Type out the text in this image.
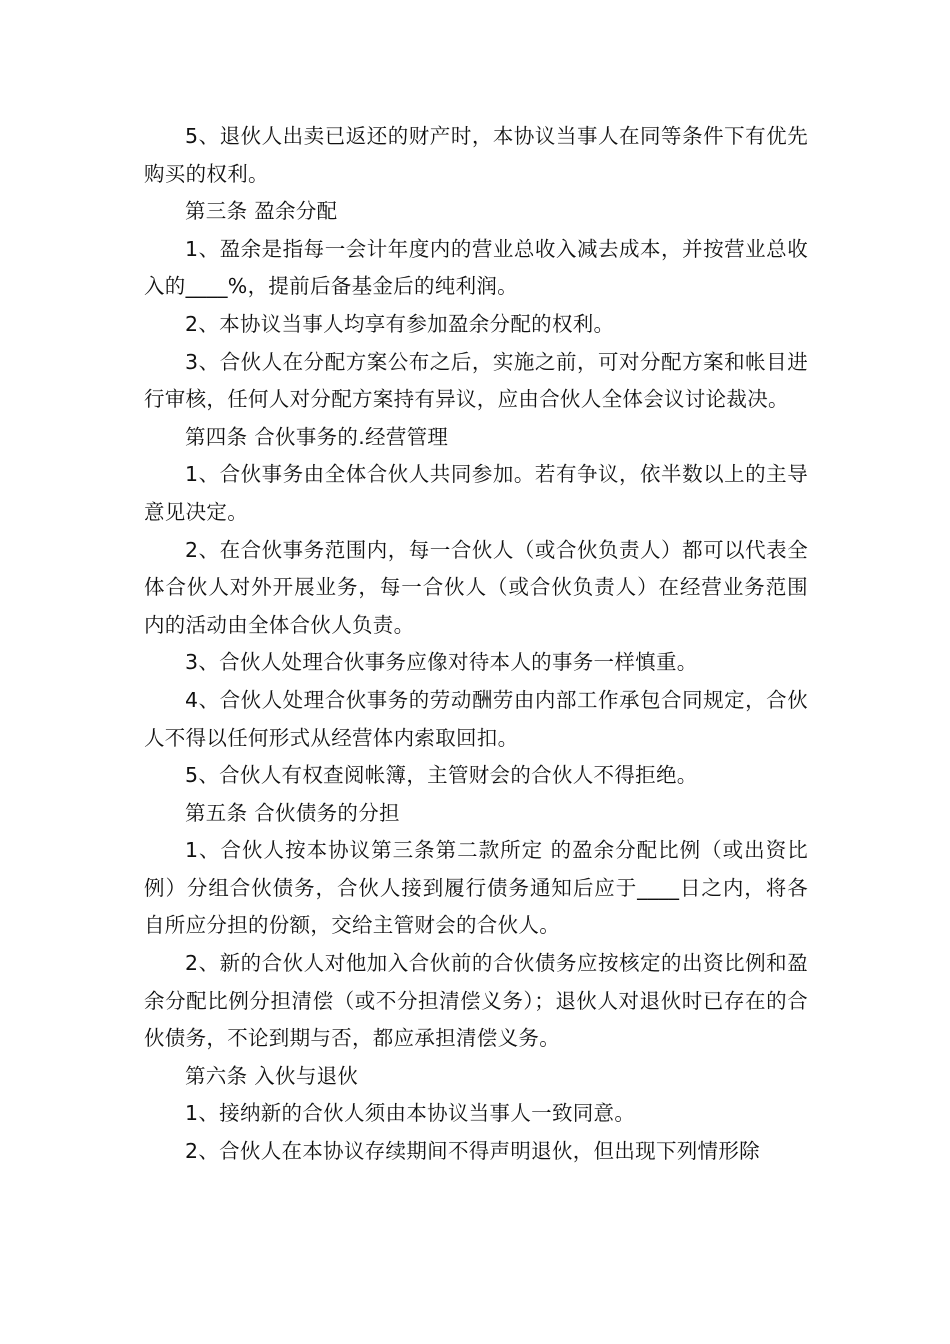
5、退伙人出卖已返还的财产时，本协议当事人在同等条件下有优先购买的权利。

第三条 盈余分配

1、盈余是指每一会计年度内的营业总收入减去成本，并按营业总收入的____%，提前后备基金后的纯利润。

2、本协议当事人均享有参加盈余分配的权利。

3、合伙人在分配方案公布之后，实施之前，可对分配方案和帐目进行审核，任何人对分配方案持有异议，应由合伙人全体会议讨论裁决。

第四条 合伙事务的.经营管理

1、合伙事务由全体合伙人共同参加。若有争议，依半数以上的主导意见决定。

2、在合伙事务范围内，每一合伙人（或合伙负责人）都可以代表全体合伙人对外开展业务，每一合伙人（或合伙负责人）在经营业务范围内的活动由全体合伙人负责。

3、合伙人处理合伙事务应像对待本人的事务一样慎重。

4、合伙人处理合伙事务的劳动酬劳由内部工作承包合同规定，合伙人不得以任何形式从经营体内索取回扣。

5、合伙人有权查阅帐簿，主管财会的合伙人不得拒绝。

第五条 合伙债务的分担

1、合伙人按本协议第三条第二款所定 的盈余分配比例（或出资比例）分组合伙债务，合伙人接到履行债务通知后应于____日之内，将各自所应分担的份额，交给主管财会的合伙人。

2、新的合伙人对他加入合伙前的合伙债务应按核定的出资比例和盈余分配比例分担清偿（或不分担清偿义务）；退伙人对退伙时已存在的合伙债务，不论到期与否，都应承担清偿义务。

第六条 入伙与退伙

1、接纳新的合伙人须由本协议当事人一致同意。

2、合伙人在本协议存续期间不得声明退伙，但出现下列情形除
